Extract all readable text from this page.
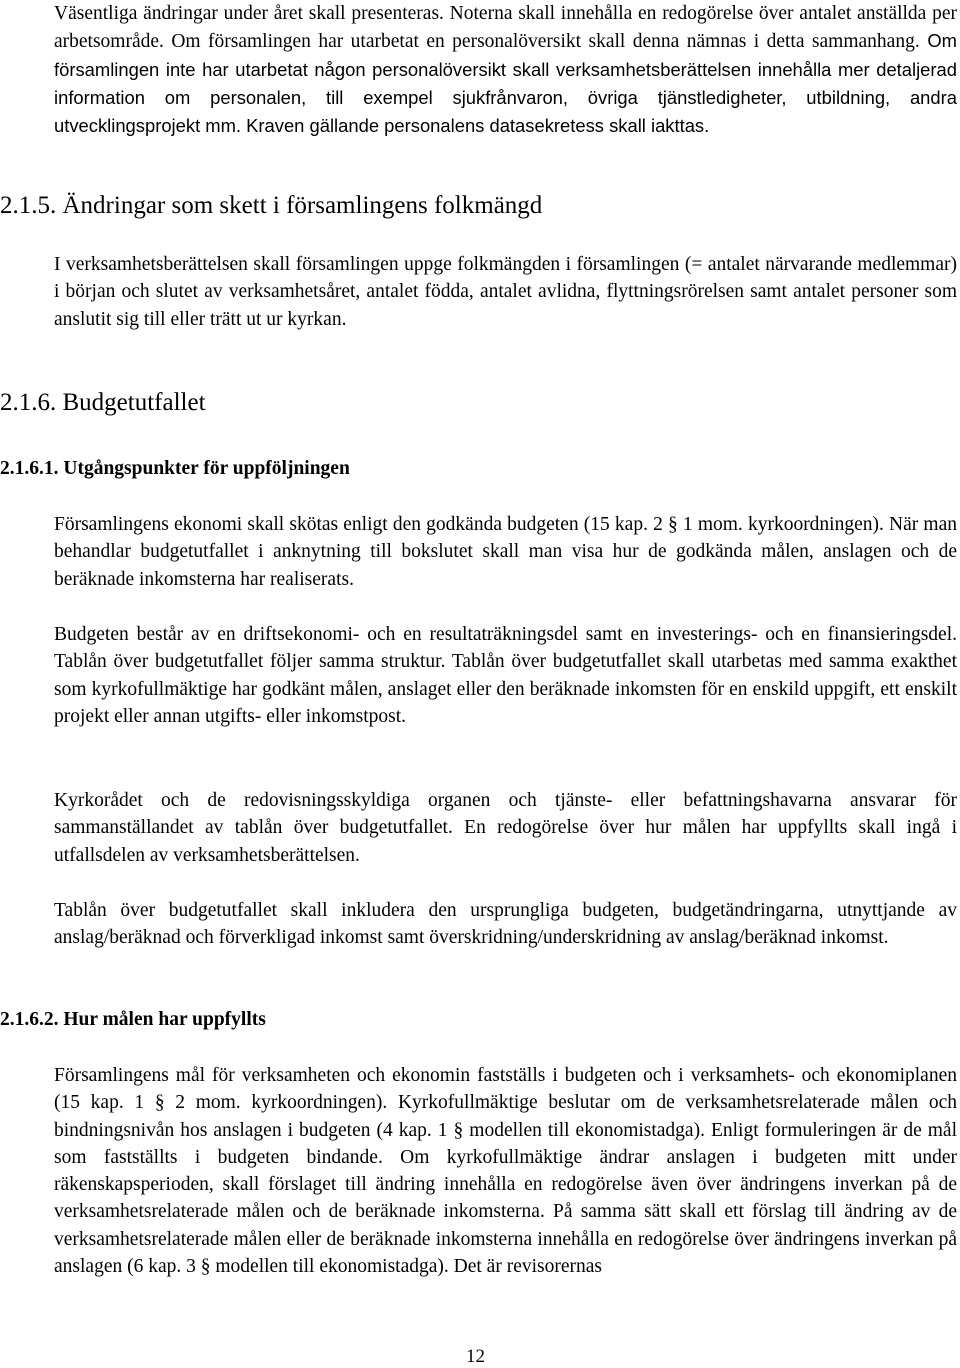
Väsentliga ändringar under året skall presenteras. Noterna skall innehålla en redogörelse över antalet anställda per arbetsområde. Om församlingen har utarbetat en personalöversikt skall denna nämnas i detta sammanhang. Om församlingen inte har utarbetat någon personalöversikt skall verksamhetsberättelsen innehålla mer detaljerad information om personalen, till exempel sjukfrånvaron, övriga tjänstledigheter, utbildning, andra utvecklingsprojekt mm. Kraven gällande personalens datasekretess skall iakttas.

2.1.5. Ändringar som skett i församlingens folkmängd

I verksamhetsberättelsen skall församlingen uppge folkmängden i församlingen (= antalet närvarande medlemmar) i början och slutet av verksamhetsåret, antalet födda, antalet avlidna, flyttningsrörelsen samt antalet personer som anslutit sig till eller trätt ut ur kyrkan.

2.1.6. Budgetutfallet
2.1.6.1. Utgångspunkter för uppföljningen

Församlingens ekonomi skall skötas enligt den godkända budgeten (15 kap. 2 § 1 mom. kyrkoordningen). När man behandlar budgetutfallet i anknytning till bokslutet skall man visa hur de godkända målen, anslagen och de beräknade inkomsterna har realiserats.

Budgeten består av en driftsekonomi- och en resultaträkningsdel samt en investerings- och en finansieringsdel. Tablån över budgetutfallet följer samma struktur. Tablån över budgetutfallet skall utarbetas med samma exakthet som kyrkofullmäktige har godkänt målen, anslaget eller den beräknade inkomsten för en enskild uppgift, ett enskilt projekt eller annan utgifts- eller inkomstpost.

Kyrkorådet och de redovisningsskyldiga organen och tjänste- eller befattningshavarna ansvarar för sammanställandet av tablån över budgetutfallet. En redogörelse över hur målen har uppfyllts skall ingå i utfallsdelen av verksamhetsberättelsen.

Tablån över budgetutfallet skall inkludera den ursprungliga budgeten, budgetändringarna, utnyttjande av anslag/beräknad och förverkligad inkomst samt överskridning/underskridning av anslag/beräknad inkomst.

2.1.6.2. Hur målen har uppfyllts

Församlingens mål för verksamheten och ekonomin fastställs i budgeten och i verksamhets- och ekonomiplanen (15 kap. 1 § 2 mom. kyrkoordningen). Kyrkofullmäktige beslutar om de verksamhetsrelaterade målen och bindningsnivån hos anslagen i budgeten (4 kap. 1 § modellen till ekonomistadga). Enligt formuleringen är de mål som fastställts i budgeten bindande. Om kyrkofullmäktige ändrar anslagen i budgeten mitt under räkenskapsperioden, skall förslaget till ändring innehålla en redogörelse även över ändringens inverkan på de verksamhetsrelaterade målen och de beräknade inkomsterna. På samma sätt skall ett förslag till ändring av de verksamhetsrelaterade målen eller de beräknade inkomsterna innehålla en redogörelse över ändringens inverkan på anslagen (6 kap. 3 § modellen till ekonomistadga). Det är revisorernas

12
